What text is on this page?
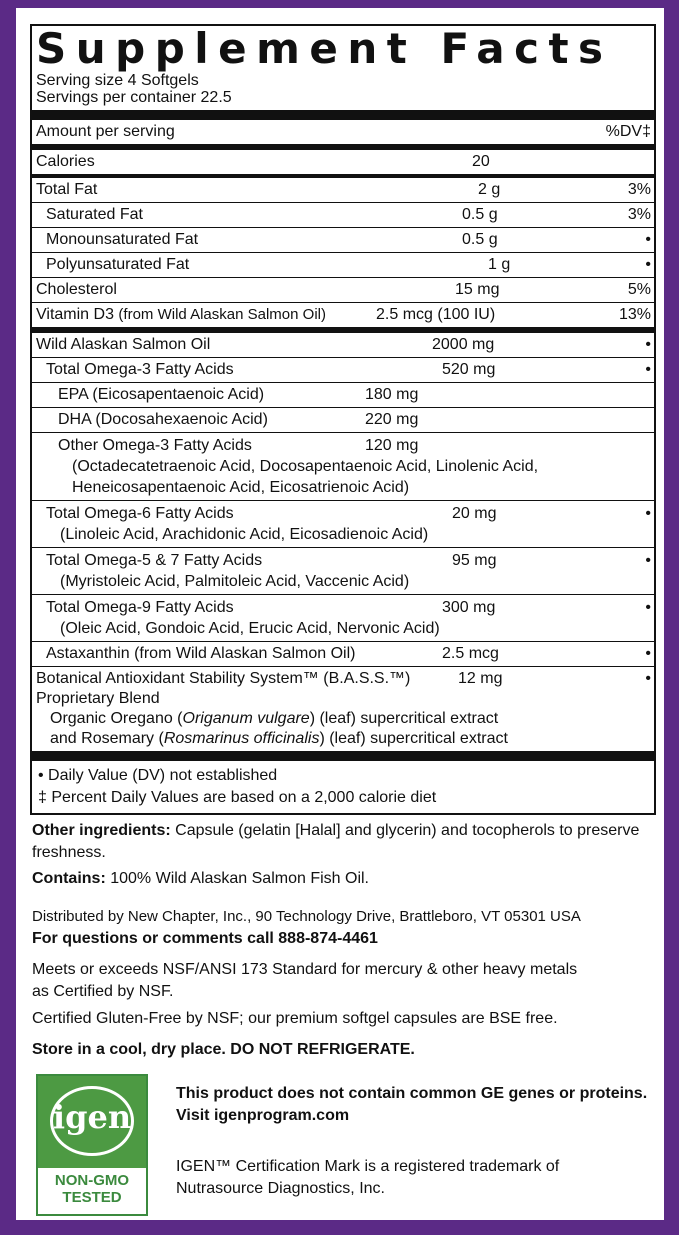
Supplement Facts
Serving size 4 Softgels
Servings per container 22.5
Amount per serving	%DV‡
Calories	20
Total Fat	2 g	3%
Saturated Fat	0.5 g	3%
Monounsaturated Fat	0.5 g	•
Polyunsaturated Fat	1 g	•
Cholesterol	15 mg	5%
Vitamin D3 (from Wild Alaskan Salmon Oil)	2.5 mcg (100 IU)	13%
Wild Alaskan Salmon Oil	2000 mg	•
Total Omega-3 Fatty Acids	520 mg	•
EPA (Eicosapentaenoic Acid)	180 mg
DHA (Docosahexaenoic Acid)	220 mg
Other Omega-3 Fatty Acids	120 mg
(Octadecatetraenoic Acid, Docosapentaenoic Acid, Linolenic Acid,
Heneicosapentaenoic Acid, Eicosatrienoic Acid)
Total Omega-6 Fatty Acids	20 mg	•
(Linoleic Acid, Arachidonic Acid, Eicosadienoic Acid)
Total Omega-5 & 7 Fatty Acids	95 mg	•
(Myristoleic Acid, Palmitoleic Acid, Vaccenic Acid)
Total Omega-9 Fatty Acids	300 mg	•
(Oleic Acid, Gondoic Acid, Erucic Acid, Nervonic Acid)
Astaxanthin (from Wild Alaskan Salmon Oil)	2.5 mcg	•
Botanical Antioxidant Stability System™ (B.A.S.S.™)	12 mg	•
Proprietary Blend
Organic Oregano (Origanum vulgare) (leaf) supercritical extract
and Rosemary (Rosmarinus officinalis) (leaf) supercritical extract
• Daily Value (DV) not established
‡ Percent Daily Values are based on a 2,000 calorie diet
Other ingredients: Capsule (gelatin [Halal] and glycerin) and tocopherols to preserve freshness.
Contains: 100% Wild Alaskan Salmon Fish Oil.
Distributed by New Chapter, Inc., 90 Technology Drive, Brattleboro, VT 05301 USA
For questions or comments call 888-874-4461
Meets or exceeds NSF/ANSI 173 Standard for mercury & other heavy metals as Certified by NSF.
Certified Gluten-Free by NSF; our premium softgel capsules are BSE free.
Store in a cool, dry place. DO NOT REFRIGERATE.
igen
NON-GMO
TESTED
This product does not contain common GE genes or proteins.
Visit igenprogram.com
IGEN™ Certification Mark is a registered trademark of Nutrasource Diagnostics, Inc.
